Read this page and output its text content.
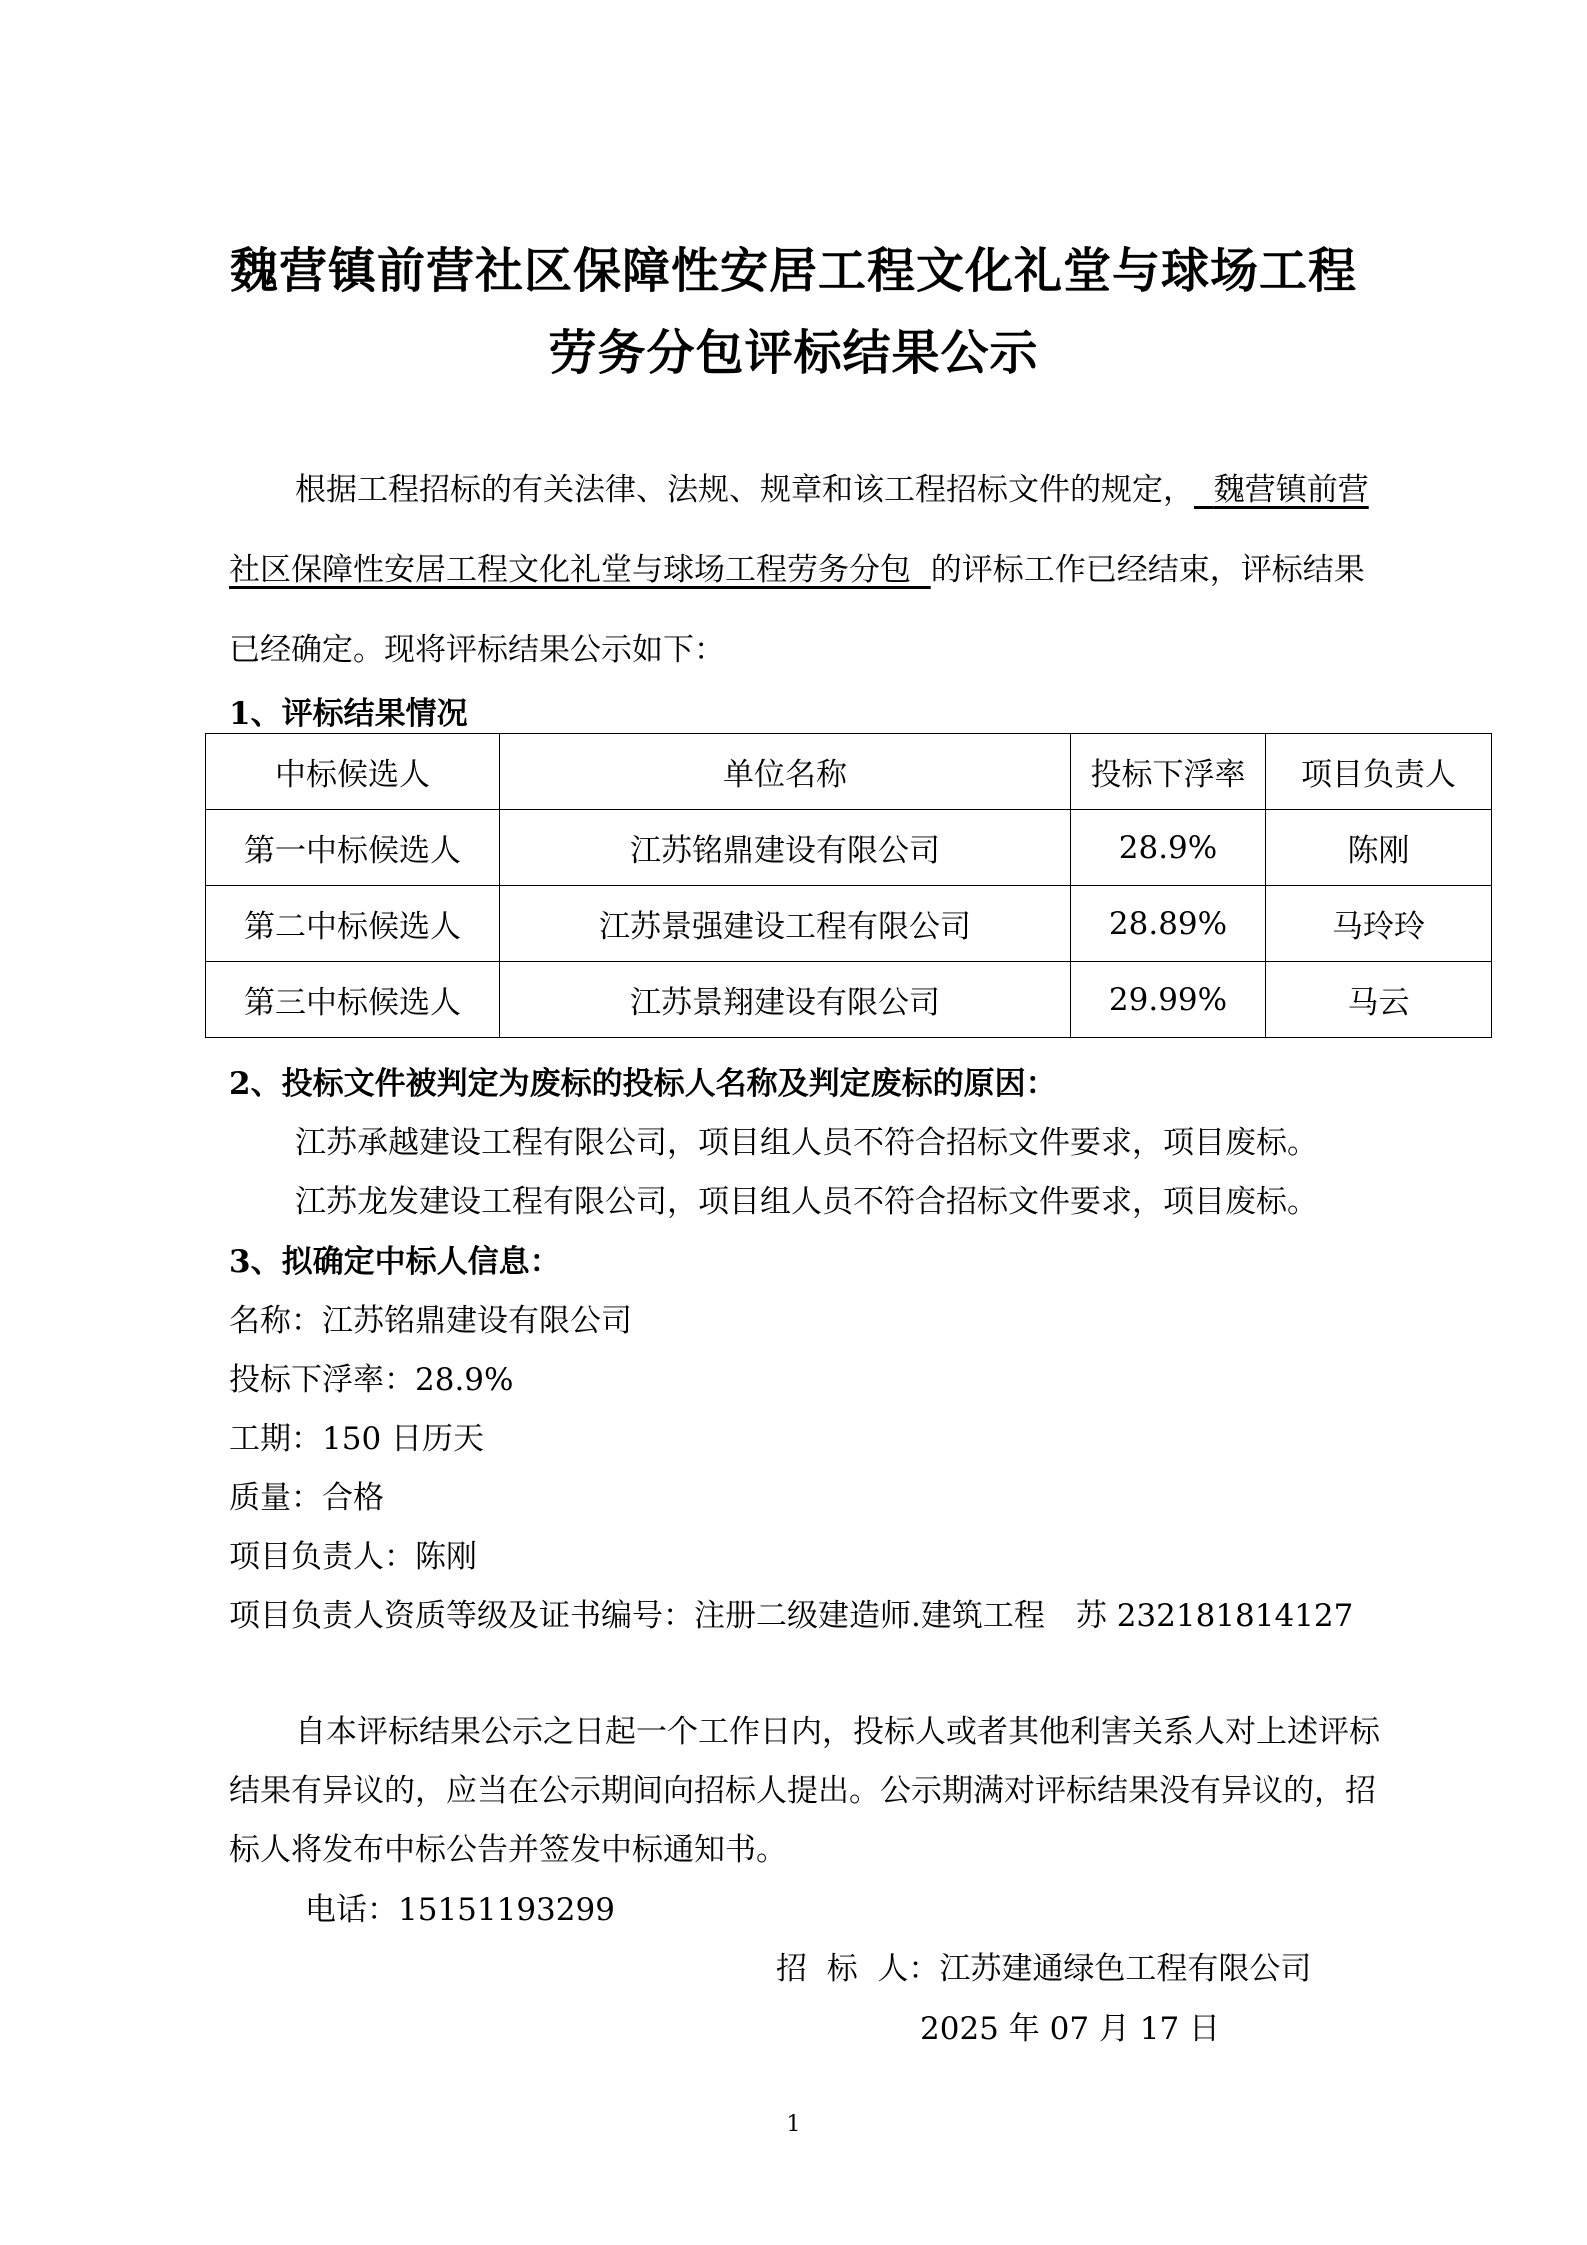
魏营镇前营社区保障性安居工程文化礼堂与球场工程
劳务分包评标结果公示
根据工程招标的有关法律、法规、规章和该工程招标文件的规定， 魏营镇前营
社区保障性安居工程文化礼堂与球场工程劳务分包 的评标工作已经结束，评标结果
已经确定。现将评标结果公示如下：
1、评标结果情况
中标候选人	单位名称	投标下浮率	项目负责人
第一中标候选人	江苏铭鼎建设有限公司	28.9%	陈刚
第二中标候选人	江苏景强建设工程有限公司	28.89%	马玲玲
第三中标候选人	江苏景翔建设有限公司	29.99%	马云
2、投标文件被判定为废标的投标人名称及判定废标的原因：
江苏承越建设工程有限公司，项目组人员不符合招标文件要求，项目废标。
江苏龙发建设工程有限公司，项目组人员不符合招标文件要求，项目废标。
3、拟确定中标人信息：
名称：江苏铭鼎建设有限公司
投标下浮率：28.9%
工期：150 日历天
质量：合格
项目负责人：陈刚
项目负责人资质等级及证书编号：注册二级建造师.建筑工程　苏 232181814127
自本评标结果公示之日起一个工作日内，投标人或者其他利害关系人对上述评标
结果有异议的，应当在公示期间向招标人提出。公示期满对评标结果没有异议的，招
标人将发布中标公告并签发中标通知书。
电话：15151193299
招  标  人：江苏建通绿色工程有限公司
2025 年 07 月 17 日
1
